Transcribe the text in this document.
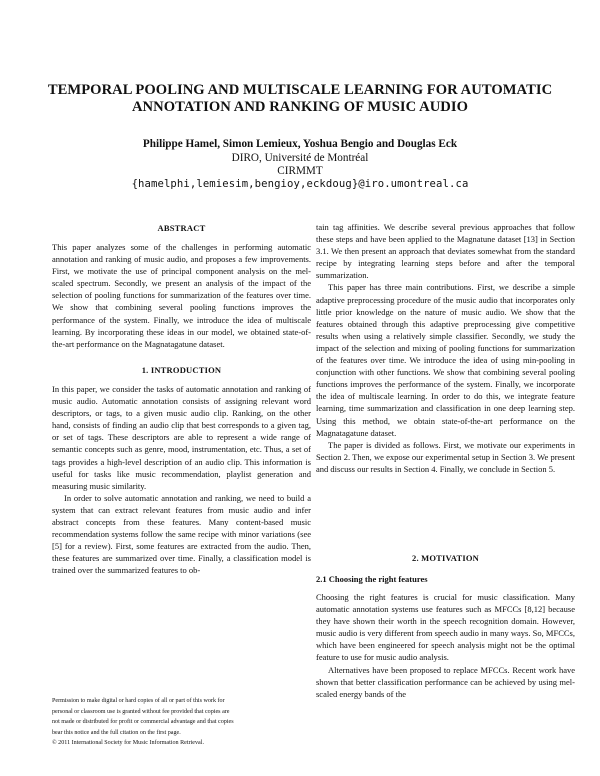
TEMPORAL POOLING AND MULTISCALE LEARNING FOR AUTOMATIC
ANNOTATION AND RANKING OF MUSIC AUDIO
Philippe Hamel, Simon Lemieux, Yoshua Bengio and Douglas Eck
DIRO, Université de Montréal
CIRMMT
{hamelphi,lemiesim,bengioy,eckdoug}@iro.umontreal.ca
ABSTRACT

This paper analyzes some of the challenges in performing automatic annotation and ranking of music audio, and proposes a few improvements. First, we motivate the use of principal component analysis on the mel-scaled spectrum. Secondly, we present an analysis of the impact of the selection of pooling functions for summarization of the features over time. We show that combining several pooling functions improves the performance of the system. Finally, we introduce the idea of multiscale learning. By incorporating these ideas in our model, we obtained state-of-the-art performance on the Magnatagatune dataset.

1. INTRODUCTION

In this paper, we consider the tasks of automatic annotation and ranking of music audio. Automatic annotation consists of assigning relevant word descriptors, or tags, to a given music audio clip. Ranking, on the other hand, consists of finding an audio clip that best corresponds to a given tag, or set of tags. These descriptors are able to represent a wide range of semantic concepts such as genre, mood, instrumentation, etc. Thus, a set of tags provides a high-level description of an audio clip. This information is useful for tasks like music recommendation, playlist generation and measuring music similarity.

In order to solve automatic annotation and ranking, we need to build a system that can extract relevant features from music audio and infer abstract concepts from these features. Many content-based music recommendation systems follow the same recipe with minor variations (see [5] for a review). First, some features are extracted from the audio. Then, these features are summarized over time. Finally, a classification model is trained over the summarized features to ob-

Permission to make digital or hard copies of all or part of this work for

personal or classroom use is granted without fee provided that copies are

not made or distributed for profit or commercial advantage and that copies

bear this notice and the full citation on the first page.

© 2011 International Society for Music Information Retrieval.

tain tag affinities. We describe several previous approaches that follow these steps and have been applied to the Magnatune dataset [13] in Section 3.1. We then present an approach that deviates somewhat from the standard recipe by integrating learning steps before and after the temporal summarization.

This paper has three main contributions. First, we describe a simple adaptive preprocessing procedure of the music audio that incorporates only little prior knowledge on the nature of music audio. We show that the features obtained through this adaptive preprocessing give competitive results when using a relatively simple classifier. Secondly, we study the impact of the selection and mixing of pooling functions for summarization of the features over time. We introduce the idea of using min-pooling in conjunction with other functions. We show that combining several pooling functions improves the performance of the system. Finally, we incorporate the idea of multiscale learning. In order to do this, we integrate feature learning, time summarization and classification in one deep learning step. Using this method, we obtain state-of-the-art performance on the Magnatagatune dataset.

The paper is divided as follows. First, we motivate our experiments in Section 2. Then, we expose our experimental setup in Section 3. We present and discuss our results in Section 4. Finally, we conclude in Section 5.

2. MOTIVATION
2.1 Choosing the right features

Choosing the right features is crucial for music classification. Many automatic annotation systems use features such as MFCCs [8,12] because they have shown their worth in the speech recognition domain. However, music audio is very different from speech audio in many ways. So, MFCCs, which have been engineered for speech analysis might not be the optimal feature to use for music audio analysis.

Alternatives have been proposed to replace MFCCs. Recent work have shown that better classification performance can be achieved by using mel-scaled energy bands of the
